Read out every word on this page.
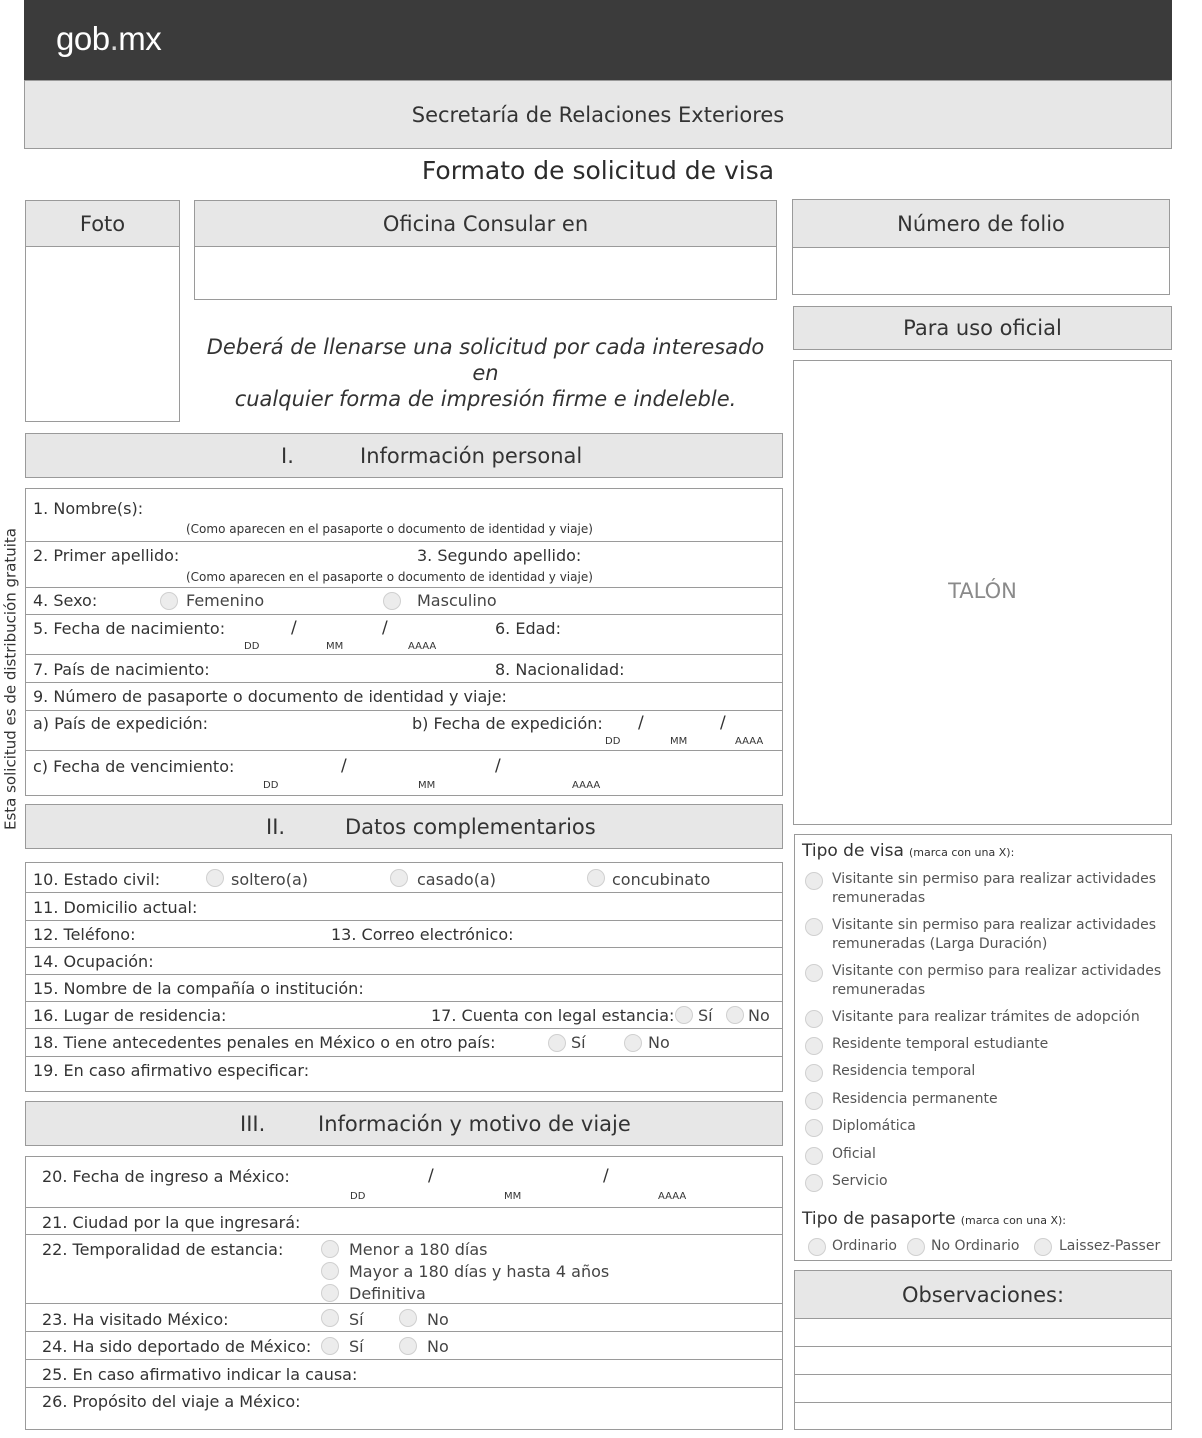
gob.mx
Secretaría de Relaciones Exteriores
Formato de solicitud de visa
Esta solicitud es de distribución gratuita
Foto	Oficina Consular en
Deberá de llenarse una solicitud por cada interesado en
cualquier forma de impresión firme e indeleble.
Número de folio
Para uso oficial
TALÓN
I.	Información personal
1. Nombre(s):
(Como aparecen en el pasaporte o documento de identidad y viaje)
2. Primer apellido:	3. Segundo apellido:
(Como aparecen en el pasaporte o documento de identidad y viaje)
4. Sexo:	Femenino	Masculino
5. Fecha de nacimiento:	/	/
DD	MM	AAAA
6. Edad:
7. País de nacimiento:	8. Nacionalidad:
9. Número de pasaporte o documento de identidad y viaje:
a) País de expedición:	b) Fecha de expedición: /	/
DD	MM	AAAA
c) Fecha de vencimiento:	/	/
DD	MM	AAAA
II.	Datos complementarios
10. Estado civil:	soltero(a)	casado(a)	concubinato
11. Domicilio actual:
12. Teléfono:	13. Correo electrónico:
14. Ocupación:
15. Nombre de la compañía o institución:
16. Lugar de residencia:	17. Cuenta con legal estancia: Sí No
18. Tiene antecedentes penales en México o en otro país:	Sí	No
19. En caso afirmativo especificar:
III.	Información y motivo de viaje
20. Fecha de ingreso a México:	/	/
DD	MM	AAAA
21. Ciudad por la que ingresará:
22. Temporalidad de estancia:	Menor a 180 días
Mayor a 180 días y hasta 4 años
Definitiva
23. Ha visitado México:	Sí	No
24. Ha sido deportado de México: Sí	No
25. En caso afirmativo indicar la causa:
26. Propósito del viaje a México:
Tipo de visa (marca con una X):
Visitante sin permiso para realizar actividades
remuneradas
Visitante sin permiso para realizar actividades
remuneradas (Larga Duración)
Visitante con permiso para realizar actividades
remuneradas
Visitante para realizar trámites de adopción
Residente temporal estudiante
Residencia temporal
Residencia permanente
Diplomática
Oficial
Servicio
Tipo de pasaporte (marca con una X):
Ordinario No Ordinario	Laissez-Passer
Observaciones:
